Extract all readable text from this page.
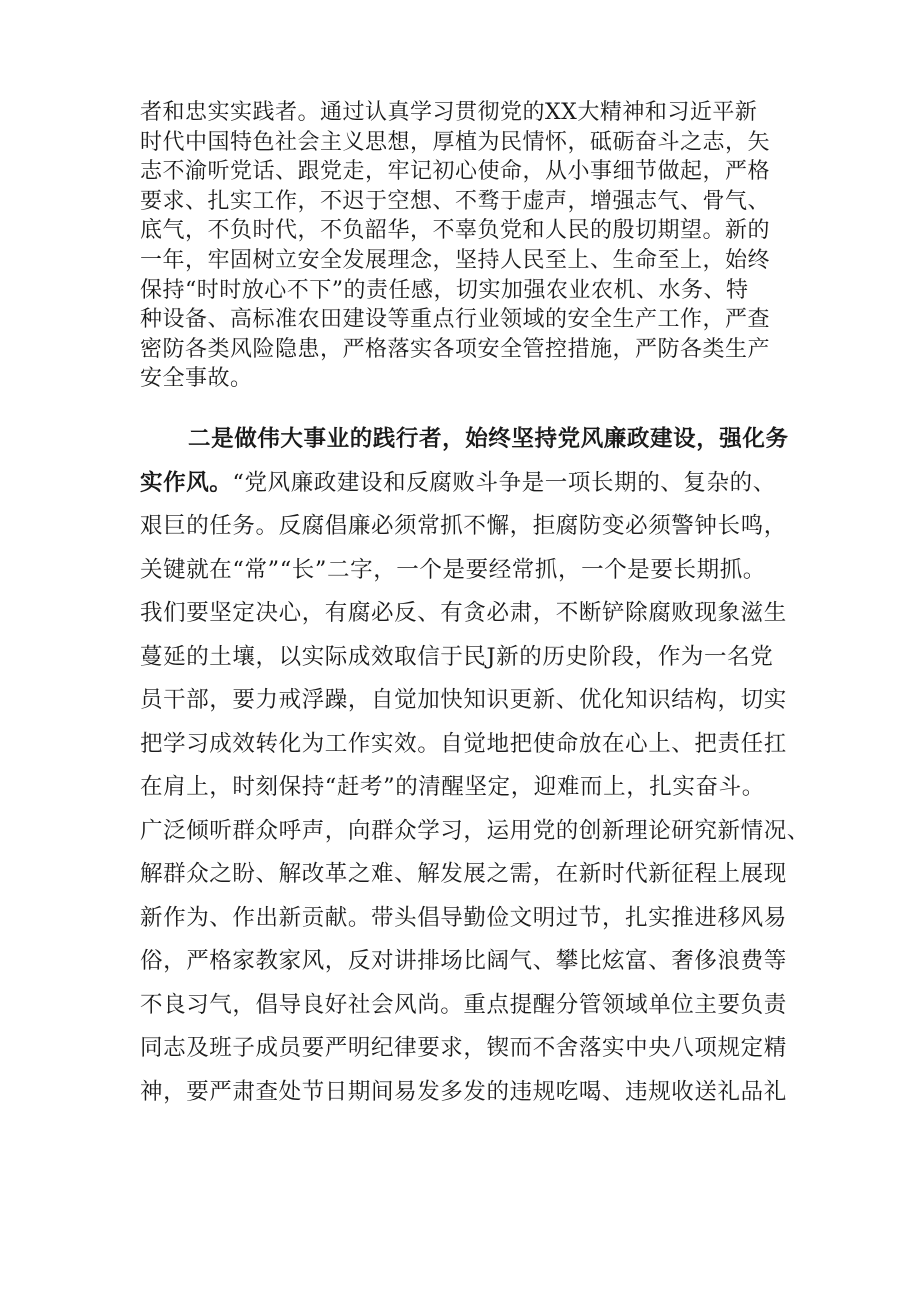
者和忠实实践者。通过认真学习贯彻党的XX大精神和习近平新
时代中国特色社会主义思想，厚植为民情怀，砥砺奋斗之志，矢
志不渝听党话、跟党走，牢记初心使命，从小事细节做起，严格
要求、扎实工作，不迟于空想、不骛于虚声，增强志气、骨气、
底气，不负时代，不负韶华，不辜负党和人民的殷切期望。新的
一年，牢固树立安全发展理念，坚持人民至上、生命至上，始终
保持“时时放心不下”的责任感，切实加强农业农机、水务、特
种设备、高标准农田建设等重点行业领域的安全生产工作，严查
密防各类风险隐患，严格落实各项安全管控措施，严防各类生产
安全事故。
二是做伟大事业的践行者，始终坚持党风廉政建设，强化务
实作风。“党风廉政建设和反腐败斗争是一项长期的、复杂的、
艰巨的任务。反腐倡廉必须常抓不懈，拒腐防变必须警钟长鸣，
关键就在“常”“长”二字，一个是要经常抓，一个是要长期抓。
我们要坚定决心，有腐必反、有贪必肃，不断铲除腐败现象滋生
蔓延的土壤，以实际成效取信于民J新的历史阶段，作为一名党
员干部，要力戒浮躁，自觉加快知识更新、优化知识结构，切实
把学习成效转化为工作实效。自觉地把使命放在心上、把责任扛
在肩上，时刻保持“赶考”的清醒坚定，迎难而上，扎实奋斗。
广泛倾听群众呼声，向群众学习，运用党的创新理论研究新情况、
解群众之盼、解改革之难、解发展之需，在新时代新征程上展现
新作为、作出新贡献。带头倡导勤俭文明过节，扎实推进移风易
俗，严格家教家风，反对讲排场比阔气、攀比炫富、奢侈浪费等
不良习气，倡导良好社会风尚。重点提醒分管领域单位主要负责
同志及班子成员要严明纪律要求，锲而不舍落实中央八项规定精
神，要严肃查处节日期间易发多发的违规吃喝、违规收送礼品礼
